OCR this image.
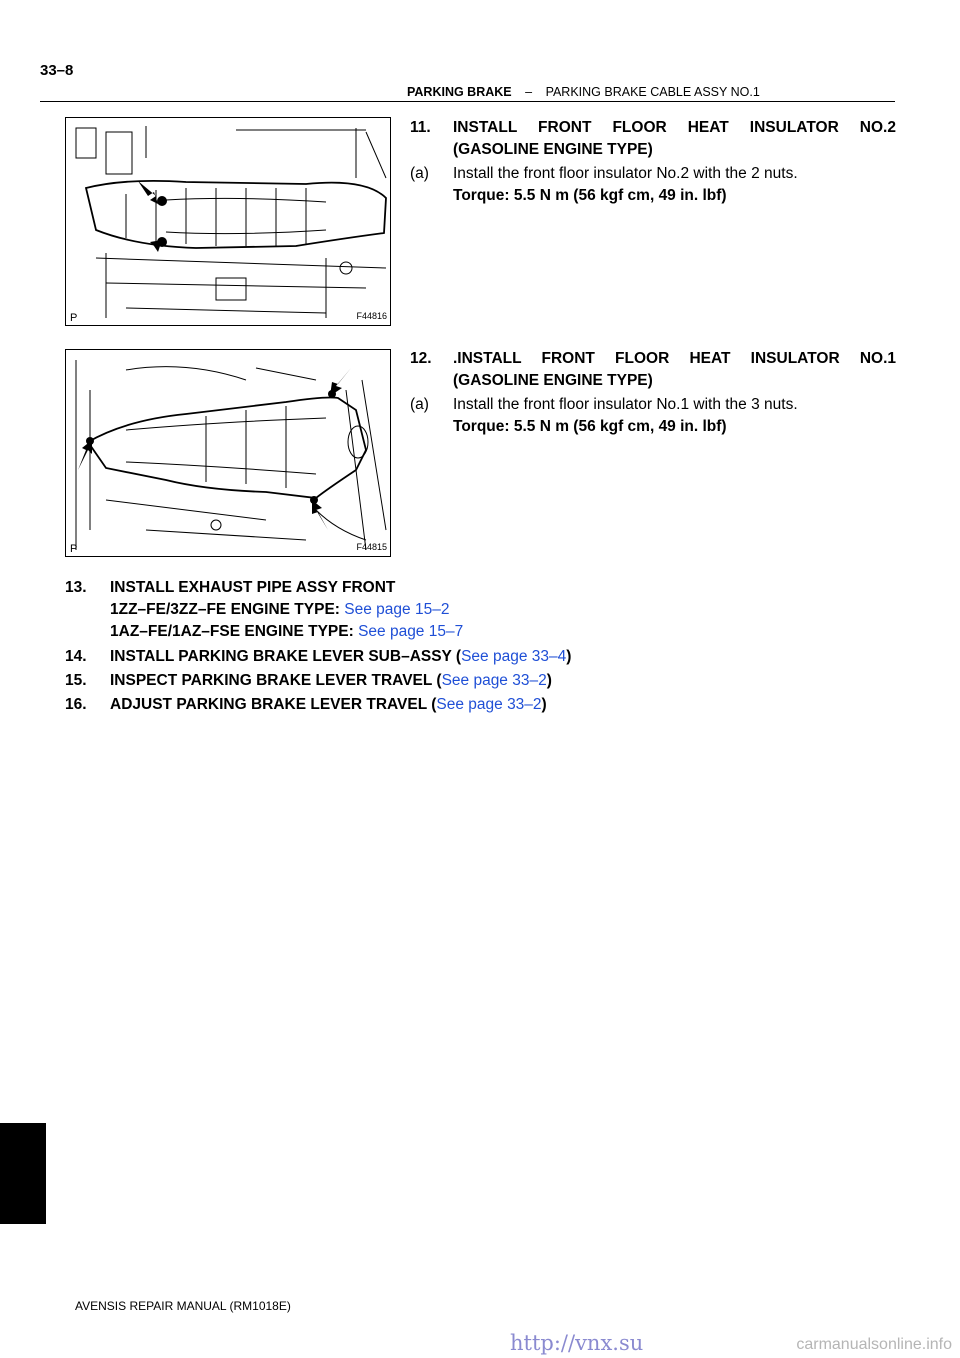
33–8
PARKING BRAKE – PARKING BRAKE CABLE ASSY NO.1
P	F44816
P	F44815
11. INSTALL FRONT FLOOR HEAT INSULATOR NO.2
(GASOLINE ENGINE TYPE)
(a) Install the front floor insulator No.2 with the 2 nuts.
Torque: 5.5 N m (56 kgf cm, 49 in. lbf)
12. .INSTALL FRONT FLOOR HEAT INSULATOR NO.1
(GASOLINE ENGINE TYPE)
(a) Install the front floor insulator No.1 with the 3 nuts.
Torque: 5.5 N m (56 kgf cm, 49 in. lbf)
13. INSTALL EXHAUST PIPE ASSY FRONT
1ZZ–FE/3ZZ–FE ENGINE TYPE: See page 15–2
1AZ–FE/1AZ–FSE ENGINE TYPE: See page 15–7
14. INSTALL PARKING BRAKE LEVER SUB–ASSY (See page 33–4)
15. INSPECT PARKING BRAKE LEVER TRAVEL (See page 33–2)
16. ADJUST PARKING BRAKE LEVER TRAVEL (See page 33–2)
AVENSIS REPAIR MANUAL (RM1018E)
http://vnx.su	carmanualsonline.info
